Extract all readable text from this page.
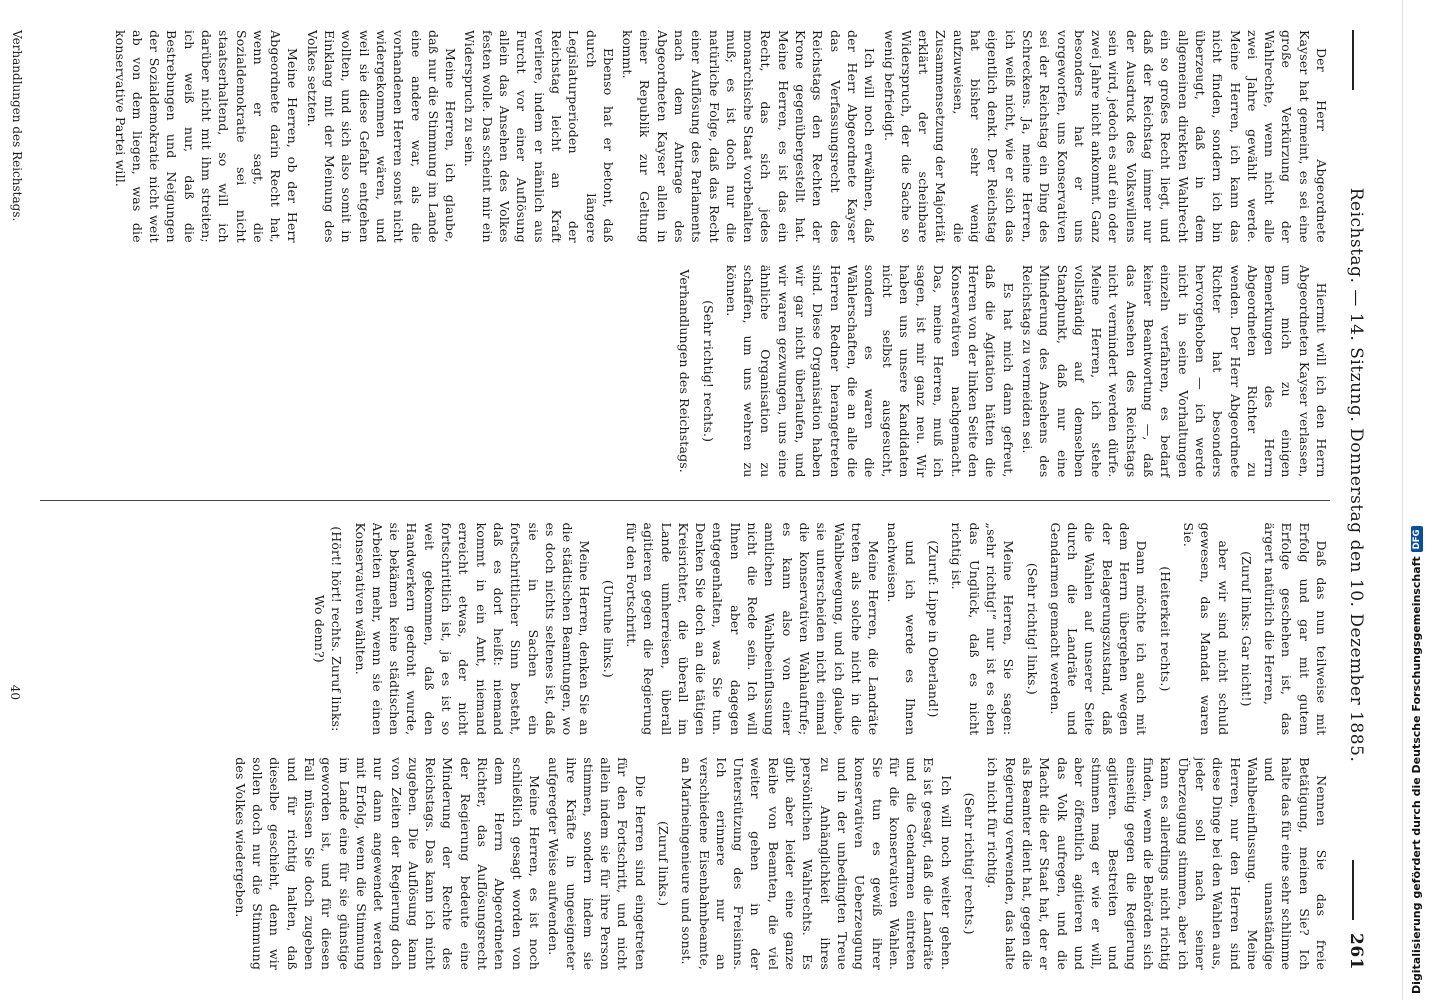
Reichstag. — 14. Sitzung. Donnerstag den 10. Dezember 1885.
261

Der Herr Abgeordnete Kayser hat gemeint, es sei eine große Verkürzung der Wahlrechte, wenn nicht alle zwei Jahre gewählt werde. Meine Herren, ich kann das nicht finden, sondern ich bin überzeugt, daß in dem allgemeinen direkten Wahlrecht ein so großes Recht liegt, und daß der Reichstag immer nur der Ausdruck des Volkswillens sein wird, jedoch es auf ein oder zwei Jahre nicht ankommt. Ganz besonders hat er uns vorgeworfen, uns Konservativen sei der Reichstag ein Ding des Schreckens. Ja, meine Herren, ich weiß nicht, wie er sich das eigentlich denkt. Der Reichstag hat bisher sehr wenig aufzuweisen, die Zusammensetzung der Majorität erklärt der scheinbare Widerspruch, der die Sache so wenig befriedigt.

Ich will noch erwähnen, daß der Herr Abgeordnete Kayser das Verfassungsrecht des Reichstags den Rechten der Krone gegenübergestellt hat. Meine Herren, es ist das ein Recht, das sich jedes monarchische Staat vorbehalten muß; es ist doch nur die natürliche Folge, daß das Recht einer Auflösung des Parlaments nach dem Antrage des Abgeordneten Kayser allein in einer Republik zur Geltung kommt.

Ebenso hat er betont, daß durch längere Legislaturperioden der Reichstag leicht an Kraft verliere, indem er nämlich aus Furcht vor einer Auflösung allein das Ansehen des Volkes festen wolle. Das scheint mir ein Widerspruch zu sein.

Meine Herren, ich glaube, daß nur die Stimmung im Lande eine andere war, als die vorhandenen Herren sonst nicht widergekommen wären, und weil sie diese Gefahr entgehen wollten, und sich also somit in Einklang mit der Meinung des Volkes setzten.

Meine Herren, ob der Herr Abgeordnete darin Recht hat, wenn er sagt, die Sozialdemokratie sei nicht staatserhaltend, so will ich darüber nicht mit ihm streiten; ich weiß nur, daß die Bestrebungen und Neigungen der Sozialdemokratie nicht weit ab von dem liegen, was die konservative Partei will.

Hiermit will ich den Herrn Abgeordneten Kayser verlassen, um mich zu einigen Bemerkungen des Herrn Abgeordneten Richter zu wenden. Der Herr Abgeordnete Richter hat besonders hervorgehoben — ich werde nicht in seine Vorhaltungen einzeln verfahren, es bedarf keiner Beantwortung —, daß das Ansehen des Reichstags nicht vermindert werden dürfe. Meine Herren, ich stehe vollständig auf demselben Standpunkt, daß nur eine Minderung des Ansehens des Reichstags zu vermeiden sei.

Es hat mich dann gefreut, daß die Agitation hätten die Herren von der linken Seite den Konservativen nachgemacht. Das, meine Herren, muß ich sagen, ist mir ganz neu. Wir haben uns unsere Kandidaten nicht selbst ausgesucht, sondern es waren die Wählerschaften, die an alle die Herren Redner herangetreten sind. Diese Organisation haben wir gar nicht überlaufen, und wir waren gezwungen, uns eine ähnliche Organisation zu schaffen, um uns wehren zu können.

(Sehr richtig! rechts.)

Verhandlungen des Reichstags.

Daß das nun teilweise mit Erfolg und gar mit gutem Erfolge geschehen ist, das ärgert natürlich die Herren,

(Zuruf links: Gar nicht!)

aber wir sind nicht schuld gewesen, das Mandat waren Sie.

(Heiterkeit rechts.)

Dann möchte ich auch mit dem Herrn übergehen wegen der Belagerungszustand, daß die Wahlen auf unserer Seite durch die Landräte und Gendarmen gemacht werden.

(Sehr richtig! links.)

Meine Herren, Sie sagen: „sehr richtig!“ nur ist es eben das Unglück, daß es nicht richtig ist.

(Zuruf: Lippe in Oberland!)

und ich werde es Ihnen nachweisen.

Meine Herren, die Landräte treten als solche nicht in die Wahlbewegung, und ich glaube, sie unterscheiden nicht einmal die konservativen Wahlaufrufe; es kann also von einer amtlichen Wahlbeeinflussung nicht die Rede sein. Ich will Ihnen aber dagegen entgegenhalten, was Sie tun. Denken Sie doch an die tätigen Kreisrichter, die überall im Lande umherreisen, überall agitieren gegen die Regierung für den Fortschritt.

(Unruhe links.)

Meine Herren, denken Sie an die städtischen Beamtungen, wo es doch nichts seltenes ist, daß sie in Sachen ein fortschrittlicher Sinn besteht, daß es dort heißt: niemand kommt in ein Amt, niemand erreicht etwas, der nicht fortschrittlich ist, ja es ist so weit gekommen, daß den Handwerkern gedroht wurde, sie bekämen keine städtischen Arbeiten mehr, wenn sie einen Konservativen wählten.

(Hört! hört! rechts. Zuruf links: Wo denn?)

Nennen Sie das freie Betätigung, meinen Sie? Ich halte das für eine sehr schlimme und unanständige Wahlbeeinflussung. Meine Herren, nur den Herren sind diese Dinge bei den Wahlen aus, jeder soll nach seiner Überzeugung stimmen, aber ich kann es allerdings nicht richtig finden, wenn die Behörden sich einseitig gegen die Regierung agitieren. Bestreiten und stimmen mag er wie er will, aber öffentlich agitieren und das Volk aufregen, und die Macht die der Staat hat, der er als Beamter dient hat, gegen die Regierung verwenden, das halte ich nicht für richtig.

(Sehr richtig! rechts.)

Ich will noch weiter gehen. Es ist gesagt, daß die Landräte und die Gendarmen eintreten für die konservativen Wahlen. Sie tun es gewiß ihrer konservativen Ueberzeugung und in der unbedingten Treue zu Anhänglichkeit ihres persönlichen Wahlrechts. Es gibt aber leider eine ganze Reihe von Beamten, die viel weiter gehen in der Unterstützung des Freisinns. Ich erinnere nur an verschiedene Eisenbahnbeamte, an Marineingenieure und sonst.

(Zuruf links.)

Die Herren sind eingetreten für den Fortschritt, und nicht allein indem sie für ihre Person stimmen, sondern indem sie ihre Kräfte in ungeeigneter aufgeregter Weise aufwenden.

Meine Herren, es ist noch schließlich gesagt worden von dem Herrn Abgeordneten Richter, das Auflösungsrecht der Regierung bedeute eine Minderung der Rechte des Reichstags. Das kann ich nicht zugeben. Die Auflösung kann von Zeiten der Regierung doch nur dann angewendet werden mit Erfolg, wenn die Stimmung im Lande eine für sie günstige geworden ist, und für diesen Fall müssen Sie doch zugeben und für richtig halten, daß dieselbe geschieht, denn wir sollen doch nur die Stimmung des Volkes wiedergeben.

Verhandlungen des Reichstags.
40	Digitalisierung gefördert durch die Deutsche ForschungsgemeinschaftDFG
